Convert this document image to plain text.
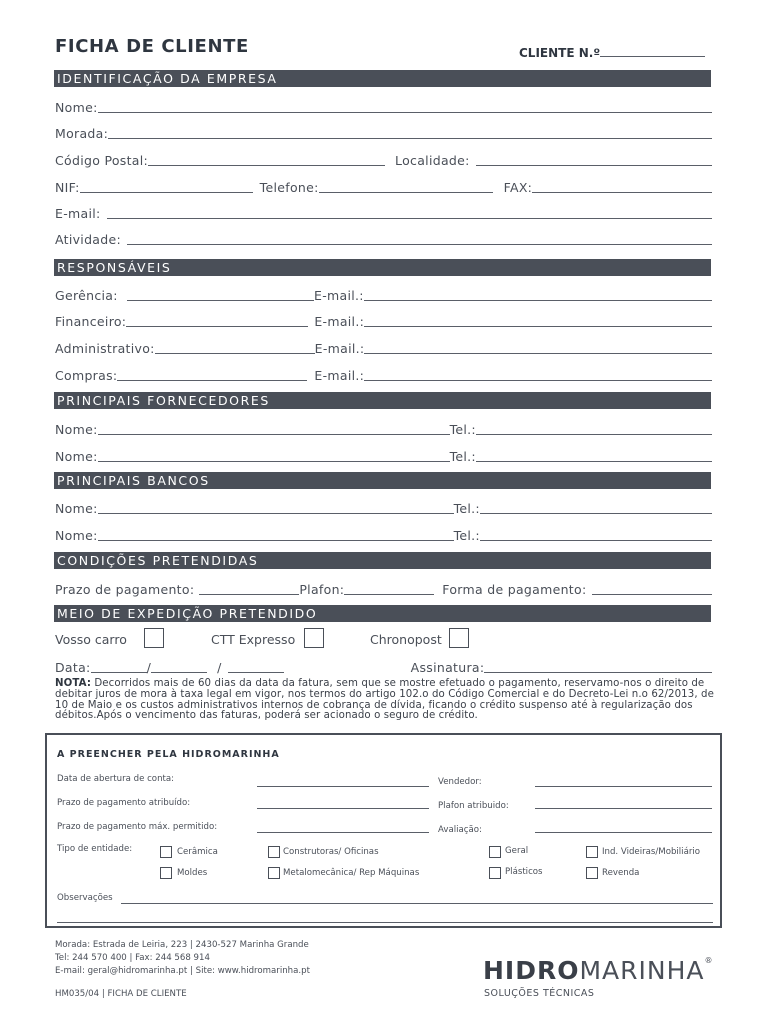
FICHA DE CLIENTE	CLIENTE N.º
IDENTIFICAÇÃO DA EMPRESA
Nome:
Morada:
Código Postal:	Localidade:
NIF:	Telefone:	FAX:
E-mail:
Atividade:
RESPONSÁVEIS
Gerência:	E-mail.:
Financeiro:	E-mail.:
Administrativo:	E-mail.:
Compras:	E-mail.:
PRINCIPAIS FORNECEDORES
Nome:	Tel.:
Nome:	Tel.:
PRINCIPAIS BANCOS
Nome:	Tel.:
Nome:	Tel.:
CONDIÇÕES PRETENDIDAS
Prazo de pagamento:	Plafon:	Forma de pagamento:
MEIO DE EXPEDIÇÃO PRETENDIDO
Vosso carro	CTT Expresso	Chronopost
Data:	/	/	Assinatura:
NOTA: Decorridos mais de 60 dias da data da fatura, sem que se mostre efetuado o pagamento, reservamo-nos o direito de debitar juros de mora à taxa legal em vigor, nos termos do artigo 102.o do Código Comercial e do Decreto-Lei n.o 62/2013, de 10 de Maio e os custos administrativos internos de cobrança de dívida, ficando o crédito suspenso até à regularização dos débitos.Após o vencimento das faturas, poderá ser acionado o seguro de crédito.
A PREENCHER PELA HIDROMARINHA
Data de abertura de conta:	Vendedor:
Prazo de pagamento atribuído:	Plafon atribuido:
Prazo de pagamento máx. permitido:	Avaliação:
Tipo de entidade:	Cerâmica	Construtoras/ Oficinas	Geral	Ind. Videiras/Mobiliário
Moldes	Metalomecânica/ Rep Máquinas	Plásticos	Revenda
Observações
Morada: Estrada de Leiria, 223 | 2430-527 Marinha Grande
Tel: 244 570 400 | Fax: 244 568 914
E-mail: geral@hidromarinha.pt | Site: www.hidromarinha.pt
HM035/04 | FICHA DE CLIENTE
HIDROMARINHA®
SOLUÇÕES TÉCNICAS
